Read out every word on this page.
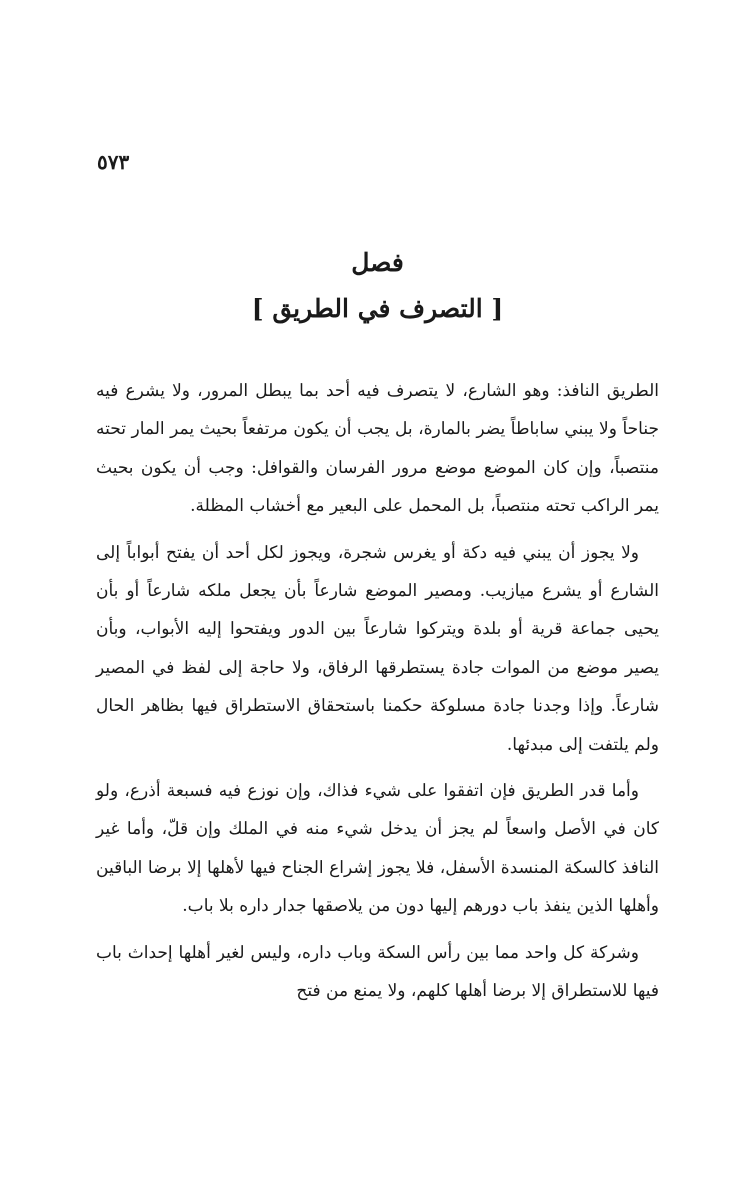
٥٧٣
فصل
[ التصرف في الطريق ]

الطريق النافذ: وهو الشارع، لا يتصرف فيه أحد بما يبطل المرور، ولا يشرع فيه جناحاً ولا يبني ساباطاً يضر بالمارة، بل يجب أن يكون مرتفعاً بحيث يمر المار تحته منتصباً، وإن كان الموضع موضع مرور الفرسان والقوافل: وجب أن يكون بحيث يمر الراكب تحته منتصباً، بل المحمل على البعير مع أخشاب المظلة.

ولا يجوز أن يبني فيه دكة أو يغرس شجرة، ويجوز لكل أحد أن يفتح أبواباً إلى الشارع أو يشرع ميازيب. ومصير الموضع شارعاً بأن يجعل ملكه شارعاً أو بأن يحيى جماعة قرية أو بلدة ويتركوا شارعاً بين الدور ويفتحوا إليه الأبواب، وبأن يصير موضع من الموات جادة يستطرقها الرفاق، ولا حاجة إلى لفظ في المصير شارعاً. وإذا وجدنا جادة مسلوكة حكمنا باستحقاق الاستطراق فيها بظاهر الحال ولم يلتفت إلى مبدئها.

وأما قدر الطريق فإن اتفقوا على شيء فذاك، وإن نوزع فيه فسبعة أذرع، ولو كان في الأصل واسعاً لم يجز أن يدخل شيء منه في الملك وإن قلّ، وأما غير النافذ كالسكة المنسدة الأسفل، فلا يجوز إشراع الجناح فيها لأهلها إلا برضا الباقين وأهلها الذين ينفذ باب دورهم إليها دون من يلاصقها جدار داره بلا باب.

وشركة كل واحد مما بين رأس السكة وباب داره، وليس لغير أهلها إحداث باب فيها للاستطراق إلا برضا أهلها كلهم، ولا يمنع من فتح
